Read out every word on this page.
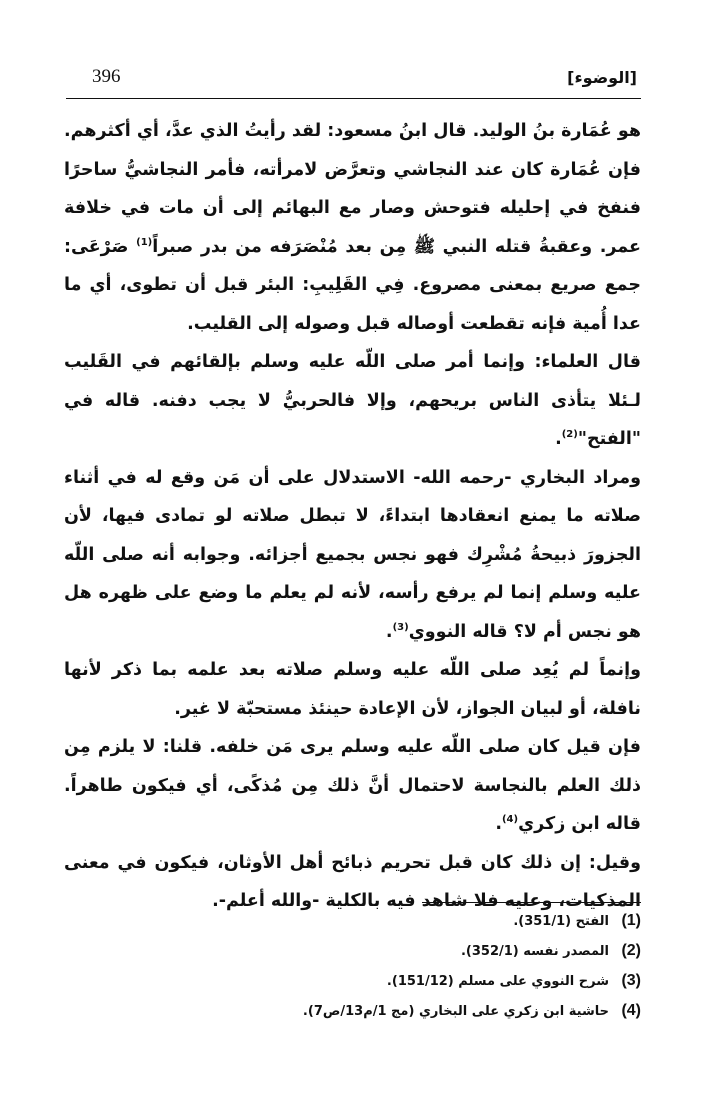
396	[الوضوء]

هو عُمَارة بنُ الوليد. قال ابنُ مسعود: لقد رأيتُ الذي عدَّ، أي أكثرهم. فإن عُمَارة كان عند النجاشي وتعرَّض لامرأته، فأمر النجاشيُّ ساحرًا فنفخ في إحليله فتوحش وصار مع البهائم إلى أن مات في خلافة عمر. وعقبةُ قتله النبي ﷺ مِن بعد مُنْصَرَفه من بدر صبراً$^{(1)}$ صَرْعَى: جمع صريع بمعنى مصروع. فِي القَلِيبِ: البئر قبل أن تطوى، أي ما عدا أُمية فإنه تقطعت أوصاله قبل وصوله إلى القليب.

قال العلماء: وإنما أمر صلى اللّه عليه وسلم بإلقائهم في القَليب لـئلا يتأذى الناس بريحهم، وإلا فالحربيُّ لا يجب دفنه. قاله في "الفتح"$^{(2)}$.

ومراد البخاري -رحمه الله- الاستدلال على أن مَن وقع له في أثناء صلاته ما يمنع انعقادها ابتداءً، لا تبطل صلاته لو تمادى فيها، لأن الجزورَ ذبيحةُ مُشْرِك فهو نجس بجميع أجزائه. وجوابه أنه صلى اللّه عليه وسلم إنما لم يرفع رأسه، لأنه لم يعلم ما وضع على ظهره هل هو نجس أم لا؟ قاله النووي$^{(3)}$.

وإنماً لم يُعِد صلى اللّه عليه وسلم صلاته بعد علمه بما ذكر لأنها نافلة، أو لبيان الجواز، لأن الإعادة حينئذ مستحبّة لا غير.

فإن قيل كان صلى اللّه عليه وسلم يرى مَن خلفه. قلنا: لا يلزم مِن ذلك العلم بالنجاسة لاحتمال أنَّ ذلك مِن مُذكًى، أي فيكون طاهراً. قاله ابن زكري$^{(4)}$.

وقيل: إن ذلك كان قبل تحريم ذبائح أهل الأوثان، فيكون في معنى المذكيات، وعليه فلا شاهد فيه بالكلية -والله أعلم-.

(1)
الفتح (351/1).
(2)
المصدر نفسه (352/1).
(3)
شرح النووي على مسلم (151/12).
(4)
حاشية ابن زكري على البخاري (مج 1/م13/ص7).
